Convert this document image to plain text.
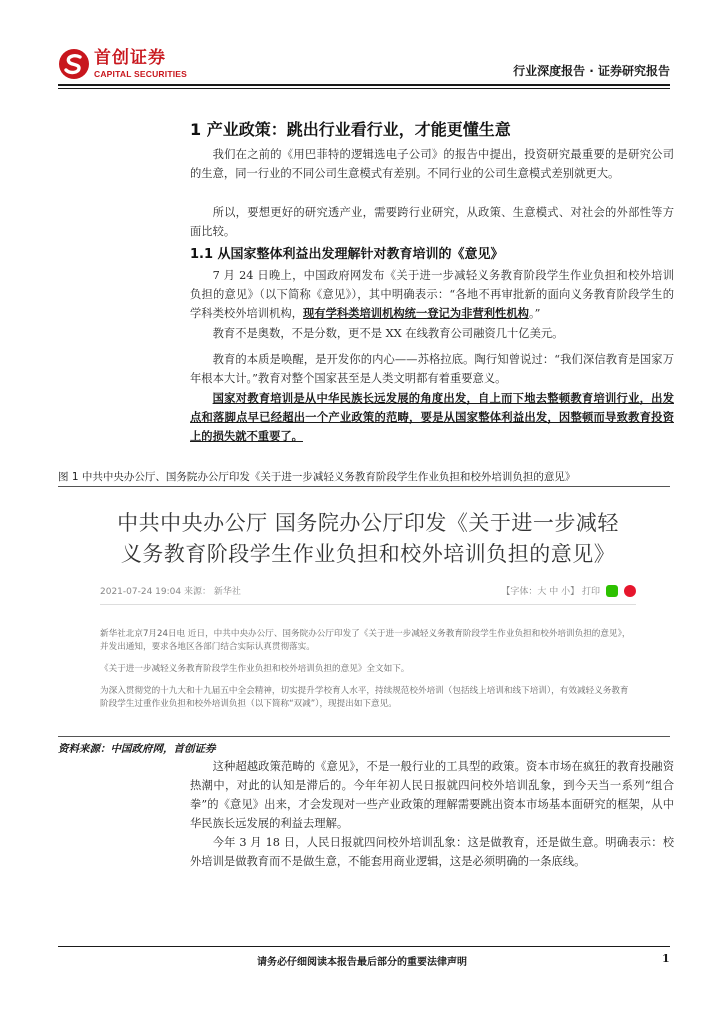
首创证券
CAPITAL SECURITIES	行业深度报告 · 证券研究报告
1 产业政策：跳出行业看行业，才能更懂生意
我们在之前的《用巴菲特的逻辑选电子公司》的报告中提出，投资研究最重要的是研究公司的生意，同一行业的不同公司生意模式有差别。不同行业的公司生意模式差别就更大。
所以，要想更好的研究透产业，需要跨行业研究，从政策、生意模式、对社会的外部性等方面比较。
1.1 从国家整体利益出发理解针对教育培训的《意见》
7 月 24 日晚上，中国政府网发布《关于进一步减轻义务教育阶段学生作业负担和校外培训负担的意见》（以下简称《意见》），其中明确表示：“各地不再审批新的面向义务教育阶段学生的学科类校外培训机构，现有学科类培训机构统一登记为非营利性机构。”
教育不是奥数，不是分数，更不是 XX 在线教育公司融资几十亿美元。
教育的本质是唤醒，是开发你的内心——苏格拉底。陶行知曾说过：“我们深信教育是国家万年根本大计。”教育对整个国家甚至是人类文明都有着重要意义。
国家对教育培训是从中华民族长远发展的角度出发，自上而下地去整顿教育培训行业，出发点和落脚点早已经超出一个产业政策的范畴，要是从国家整体利益出发，因整顿而导致教育投资上的损失就不重要了。
图 1 中共中央办公厅、国务院办公厅印发《关于进一步减轻义务教育阶段学生作业负担和校外培训负担的意见》
中共中央办公厅 国务院办公厅印发《关于进一步减轻
义务教育阶段学生作业负担和校外培训负担的意见》
2021-07-24 19:04 来源： 新华社	【字体：大 中 小】 打印

新华社北京7月24日电 近日，中共中央办公厅、国务院办公厅印发了《关于进一步减轻义务教育阶段学生作业负担和校外培训负担的意见》，并发出通知，要求各地区各部门结合实际认真贯彻落实。

《关于进一步减轻义务教育阶段学生作业负担和校外培训负担的意见》全文如下。

为深入贯彻党的十九大和十九届五中全会精神，切实提升学校育人水平，持续规范校外培训（包括线上培训和线下培训），有效减轻义务教育阶段学生过重作业负担和校外培训负担（以下简称“双减”），现提出如下意见。

资料来源：中国政府网，首创证券
这种超越政策范畴的《意见》，不是一般行业的工具型的政策。资本市场在疯狂的教育投融资热潮中，对此的认知是滞后的。今年年初人民日报就四问校外培训乱象，到今天当一系列“组合拳”的《意见》出来，才会发现对一些产业政策的理解需要跳出资本市场基本面研究的框架，从中华民族长远发展的利益去理解。
今年 3 月 18 日，人民日报就四问校外培训乱象：这是做教育，还是做生意。明确表示：校外培训是做教育而不是做生意，不能套用商业逻辑，这是必须明确的一条底线。
请务必仔细阅读本报告最后部分的重要法律声明	1
